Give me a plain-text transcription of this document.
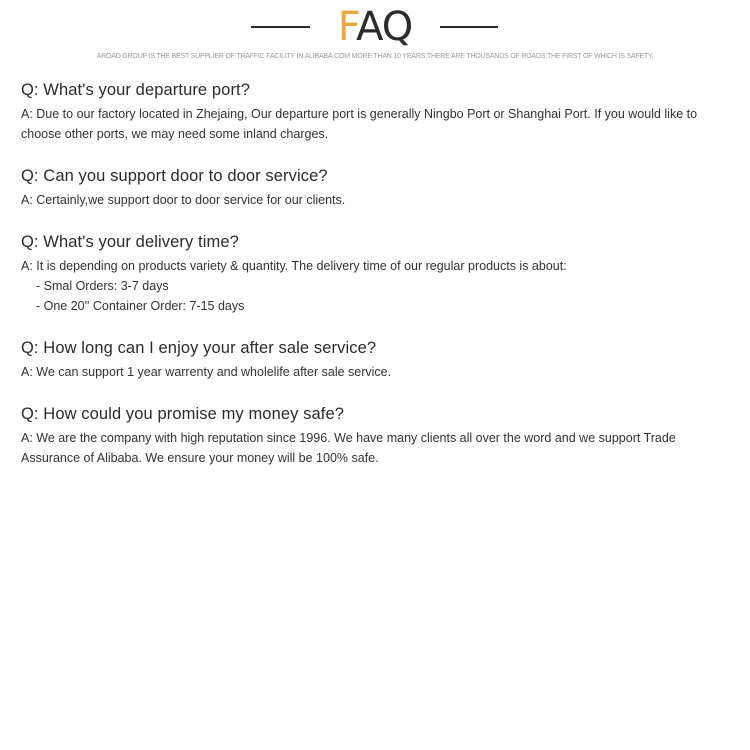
FAQ
AROAD GROUP IS THE BEST SUPPLIER OF TRAFFIC FACILITY IN ALIBABA.COM MORE THAN 10 YEARS.THERE ARE THOUSANDS OF ROADS,THE FIRST OF WHICH IS SAFETY.
Q: What's your departure port?
A: Due to our factory located in Zhejaing, Our departure port is generally Ningbo Port or Shanghai Port. If you would like to choose other ports, we may need some inland charges.
Q: Can you support door to door service?
A: Certainly,we support door to door service for our clients.
Q: What's your delivery time?
A: It is depending on products variety & quantity. The delivery time of our regular products is about:
- Smal Orders: 3-7 days
- One 20'' Container Order: 7-15 days
Q: How long can I enjoy your after sale service?
A: We can support 1 year warrenty and wholelife after sale service.
Q: How could you promise my money safe?
A: We are the company with high reputation since 1996. We have many clients all over the word and we support Trade Assurance of Alibaba. We ensure your money will be 100% safe.
